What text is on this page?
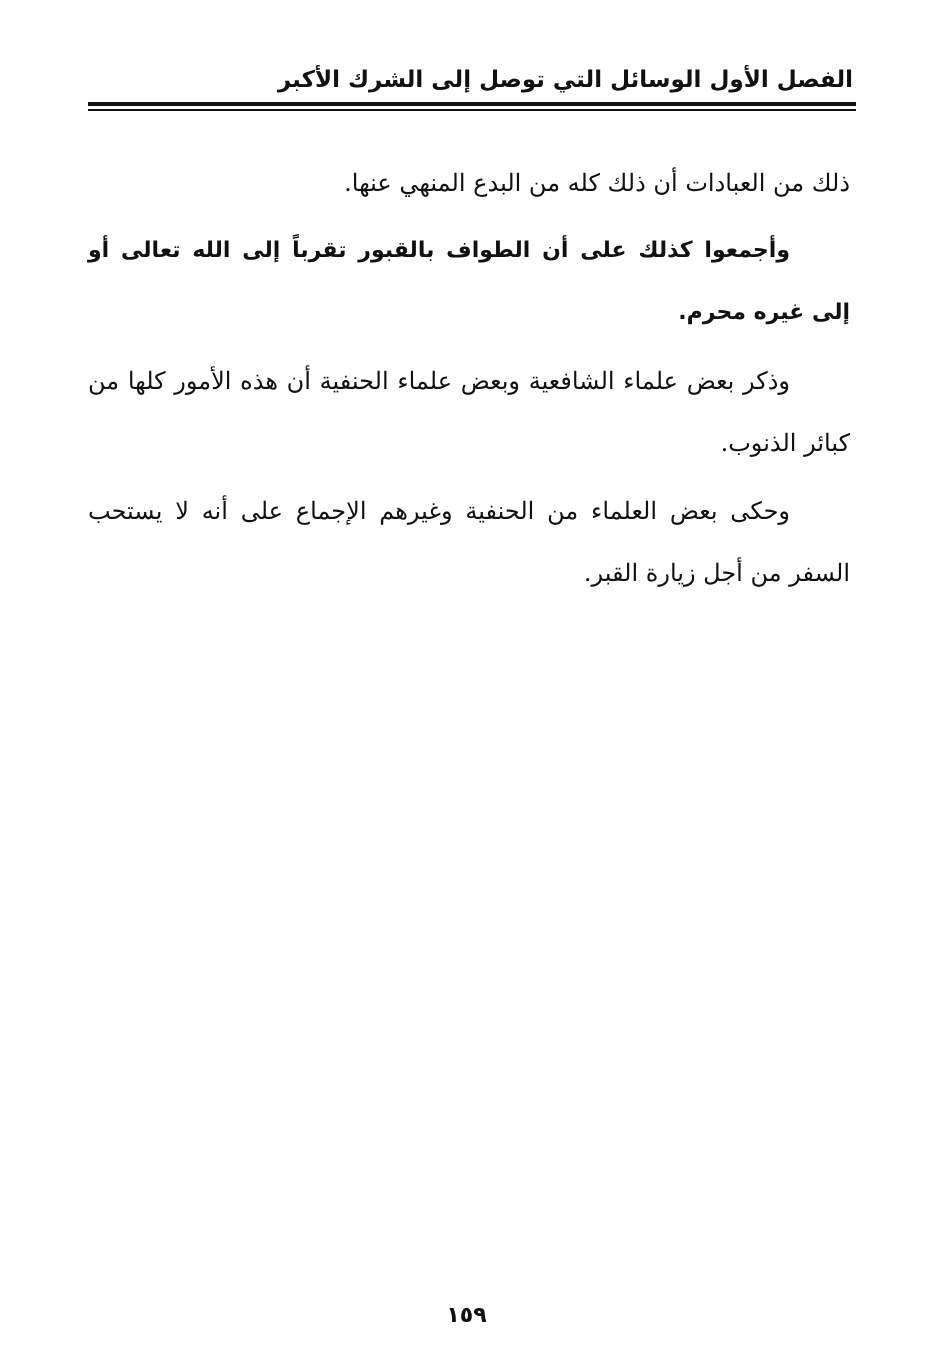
الفصل الأول الوسائل التي توصل إلى الشرك الأكبر

ذلك من العبادات أن ذلك كله من البدع المنهي عنها.

وأجمعوا كذلك على أن الطواف بالقبور تقرباً إلى الله تعالى أو إلى غيره محرم.

وذكر بعض علماء الشافعية وبعض علماء الحنفية أن هذه الأمور كلها من كبائر الذنوب.

وحكى بعض العلماء من الحنفية وغيرهم الإجماع على أنه لا يستحب السفر من أجل زيارة القبر.

١٥٩
